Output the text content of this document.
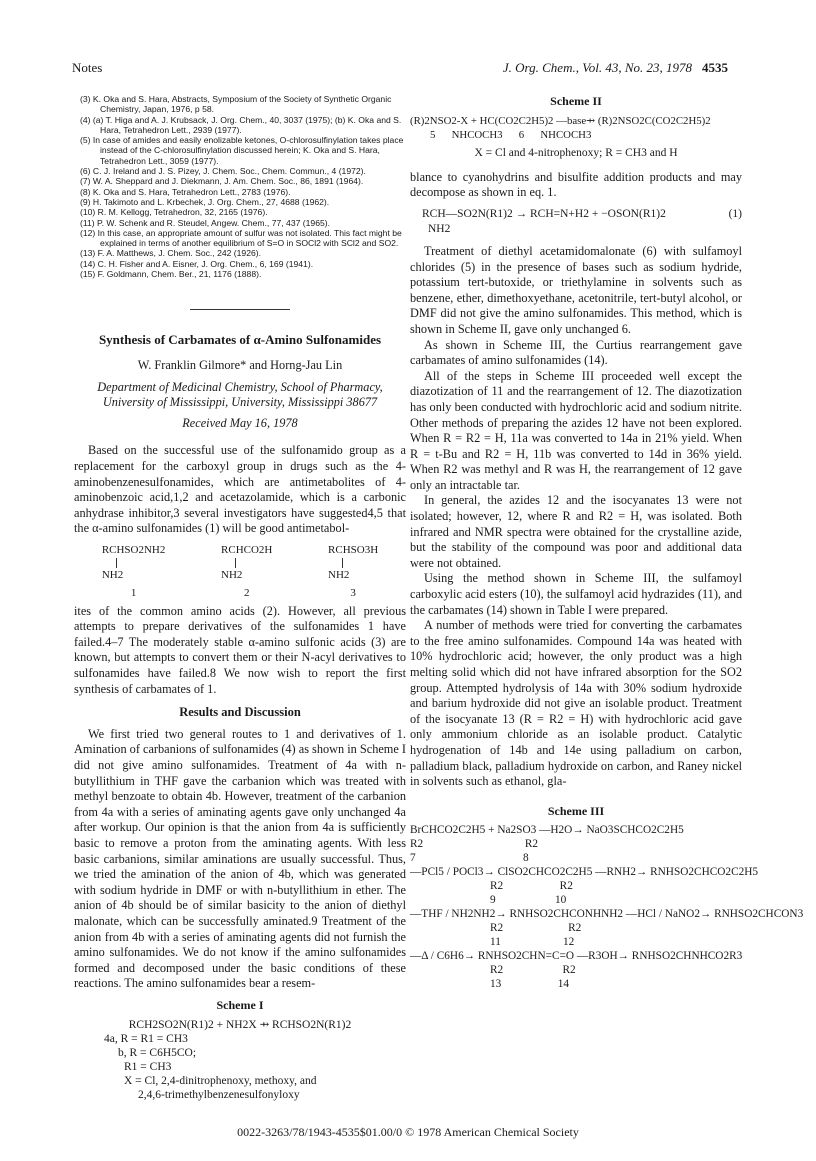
Notes	J. Org. Chem., Vol. 43, No. 23, 1978 4535
(3) K. Oka and S. Hara, Abstracts, Symposium of the Society of Synthetic Organic Chemistry, Japan, 1976, p 58.
(4) (a) T. Higa and A. J. Krubsack, J. Org. Chem., 40, 3037 (1975); (b) K. Oka and S. Hara, Tetrahedron Lett., 2939 (1977).
(5) In case of amides and easily enolizable ketones, O-chlorosulfinylation takes place instead of the C-chlorosulfinylation discussed herein; K. Oka and S. Hara, Tetrahedron Lett., 3059 (1977).
(6) C. J. Ireland and J. S. Pizey, J. Chem. Soc., Chem. Commun., 4 (1972).
(7) W. A. Sheppard and J. Diekmann, J. Am. Chem. Soc., 86, 1891 (1964).
(8) K. Oka and S. Hara, Tetrahedron Lett., 2783 (1976).
(9) H. Takimoto and L. Krbechek, J. Org. Chem., 27, 4688 (1962).
(10) R. M. Kellogg, Tetrahedron, 32, 2165 (1976).
(11) P. W. Schenk and R. Steudel, Angew. Chem., 77, 437 (1965).
(12) In this case, an appropriate amount of sulfur was not isolated. This fact might be explained in terms of another equilibrium of S=O in SOCl2 with SCl2 and SO2.
(13) F. A. Matthews, J. Chem. Soc., 242 (1926).
(14) C. H. Fisher and A. Eisner, J. Org. Chem., 6, 169 (1941).
(15) F. Goldmann, Chem. Ber., 21, 1176 (1888).
Synthesis of Carbamates of α-Amino Sulfonamides
W. Franklin Gilmore* and Horng-Jau Lin
Department of Medicinal Chemistry, School of Pharmacy, University of Mississippi, University, Mississippi 38677
Received May 16, 1978

Based on the successful use of the sulfonamido group as a replacement for the carboxyl group in drugs such as the 4-aminobenzenesulfonamides, which are antimetabolites of 4-aminobenzoic acid,1,2 and acetazolamide, which is a carbonic anhydrase inhibitor,3 several investigators have suggested4,5 that the α-amino sulfonamides (1) will be good antimetabol-

RCHSO2NH2
NH2
1
RCHCO2H
NH2
2
RCHSO3H
NH2
3

ites of the common amino acids (2). However, all previous attempts to prepare derivatives of the sulfonamides 1 have failed.4–7 The moderately stable α-amino sulfonic acids (3) are known, but attempts to convert them or their N-acyl derivatives to sulfonamides have failed.8 We now wish to report the first synthesis of carbamates of 1.

Results and Discussion

We first tried two general routes to 1 and derivatives of 1. Amination of carbanions of sulfonamides (4) as shown in Scheme I did not give amino sulfonamides. Treatment of 4a with n-butyllithium in THF gave the carbanion which was treated with methyl benzoate to obtain 4b. However, treatment of the carbanion from 4a with a series of aminating agents gave only unchanged 4a after workup. Our opinion is that the anion from 4a is sufficiently basic to remove a proton from the aminating agents. With less basic carbanions, similar aminations are usually successful. Thus, we tried the amination of the anion of 4b, which was generated with sodium hydride in DMF or with n-butyllithium in ether. The anion of 4b should be of similar basicity to the anion of diethyl malonate, which can be successfully aminated.9 Treatment of the anion from 4b with a series of aminating agents did not furnish the amino sulfonamides. We do not know if the amino sulfonamides formed and decomposed under the basic conditions of these reactions. The amino sulfonamides bear a resem-

Scheme I
RCH2SO2N(R1)2 + NH2X ⇸ RCHSO2N(R1)2
4a, R = R1 = CH3
b, R = C6H5CO;
R1 = CH3
X = Cl, 2,4-dinitrophenoxy, methoxy, and
2,4,6-trimethylbenzenesulfonyloxy
Scheme II
(R)2NSO2-X + HC(CO2C2H5)2 —base⇸ (R)2NSO2C(CO2C2H5)2
5      NHCOCH3      6      NHCOCH3
X = Cl and 4-nitrophenoxy; R = CH3 and H

blance to cyanohydrins and bisulfite addition products and may decompose as shown in eq. 1.

RCH—SO2N(R1)2 → RCH=N+H2 + −OSON(R1)2
NH2
(1)

Treatment of diethyl acetamidomalonate (6) with sulfamoyl chlorides (5) in the presence of bases such as sodium hydride, potassium tert-butoxide, or triethylamine in solvents such as benzene, ether, dimethoxyethane, acetonitrile, tert-butyl alcohol, or DMF did not give the amino sulfonamides. This method, which is shown in Scheme II, gave only unchanged 6.

As shown in Scheme III, the Curtius rearrangement gave carbamates of amino sulfonamides (14).

All of the steps in Scheme III proceeded well except the diazotization of 11 and the rearrangement of 12. The diazotization has only been conducted with hydrochloric acid and sodium nitrite. Other methods of preparing the azides 12 have not been explored. When R = R2 = H, 11a was converted to 14a in 21% yield. When R = t-Bu and R2 = H, 11b was converted to 14d in 36% yield. When R2 was methyl and R was H, the rearrangement of 12 gave only an intractable tar.

In general, the azides 12 and the isocyanates 13 were not isolated; however, 12, where R and R2 = H, was isolated. Both infrared and NMR spectra were obtained for the crystalline azide, but the stability of the compound was poor and additional data were not obtained.

Using the method shown in Scheme III, the sulfamoyl carboxylic acid esters (10), the sulfamoyl acid hydrazides (11), and the carbamates (14) shown in Table I were prepared.

A number of methods were tried for converting the carbamates to the free amino sulfonamides. Compound 14a was heated with 10% hydrochloric acid; however, the only product was a high melting solid which did not have infrared absorption for the SO2 group. Attempted hydrolysis of 14a with 30% sodium hydroxide and barium hydroxide did not give an isolable product. Treatment of the isocyanate 13 (R = R2 = H) with hydrochloric acid gave only ammonium chloride as an isolable product. Catalytic hydrogenation of 14b and 14e using palladium on carbon, palladium black, palladium hydroxide on carbon, and Raney nickel in solvents such as ethanol, gla-

Scheme III
BrCHCO2C2H5 + Na2SO3 —H2O→ NaO3SCHCO2C2H5
R2                                    R2
7                                      8
—PCl5 / POCl3→ ClSO2CHCO2C2H5 —RNH2→ RNHSO2CHCO2C2H5
R2                    R2
9                     10
—THF / NH2NH2→ RNHSO2CHCONHNH2 —HCl / NaNO2→ RNHSO2CHCON3
R2                       R2
11                      12
—Δ / C6H6→ RNHSO2CHN=C=O —R3OH→ RNHSO2CHNHCO2R3
R2                     R2
13                    14
0022-3263/78/1943-4535$01.00/0 © 1978 American Chemical Society
